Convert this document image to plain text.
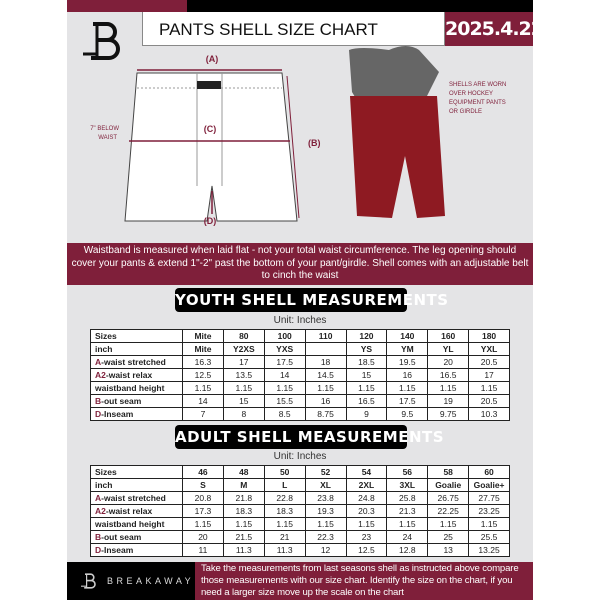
PANTS SHELL SIZE CHART	2025.4.22
(A)
(C)
(B)
(D)
7" BELOW
WAIST
SHELLS ARE WORN
OVER HOCKEY
EQUIPMENT PANTS
OR GIRDLE
Waistband is measured when laid flat - not your total waist circumference. The leg opening should cover your pants & extend 1"-2" past the bottom of your pant/girdle. Shell comes with an adjustable belt to cinch the waist
YOUTH SHELL MEASUREMENTS
Unit: Inches
Sizes	Mite	80	100	110	120	140	160	180
inch	Mite	Y2XS	YXS		YS	YM	YL	YXL
A-waist stretched	16.3	17	17.5	18	18.5	19.5	20	20.5
A2-waist relax	12.5	13.5	14	14.5	15	16	16.5	17
waistband height	1.15	1.15	1.15	1.15	1.15	1.15	1.15	1.15
B-out seam	14	15	15.5	16	16.5	17.5	19	20.5
D-Inseam	7	8	8.5	8.75	9	9.5	9.75	10.3
ADULT SHELL MEASUREMENTS
Unit: Inches
Sizes	46	48	50	52	54	56	58	60
inch	S	M	L	XL	2XL	3XL	Goalie	Goalie+
A-waist stretched	20.8	21.8	22.8	23.8	24.8	25.8	26.75	27.75
A2-waist relax	17.3	18.3	18.3	19.3	20.3	21.3	22.25	23.25
waistband height	1.15	1.15	1.15	1.15	1.15	1.15	1.15	1.15
B-out seam	20	21.5	21	22.3	23	24	25	25.5
D-Inseam	11	11.3	11.3	12	12.5	12.8	13	13.25
BREAKAWAY
Take the measurements from last seasons shell as instructed above compare those measurements with our size chart. Identify the size on the chart, if you need a larger size move up the scale on the chart
